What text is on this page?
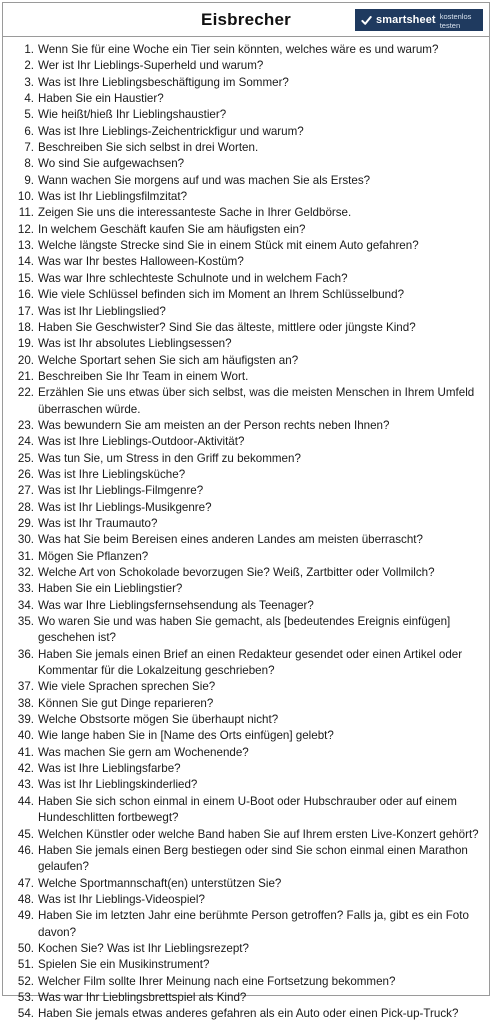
Eisbrecher	smartsheet kostenlos testen
1. Wenn Sie für eine Woche ein Tier sein könnten, welches wäre es und warum?
2. Wer ist Ihr Lieblings-Superheld und warum?
3. Was ist Ihre Lieblingsbeschäftigung im Sommer?
4. Haben Sie ein Haustier?
5. Wie heißt/hieß Ihr Lieblingshaustier?
6. Was ist Ihre Lieblings-Zeichentrickfigur und warum?
7. Beschreiben Sie sich selbst in drei Worten.
8. Wo sind Sie aufgewachsen?
9. Wann wachen Sie morgens auf und was machen Sie als Erstes?
10. Was ist Ihr Lieblingsfilmzitat?
11. Zeigen Sie uns die interessanteste Sache in Ihrer Geldbörse.
12. In welchem Geschäft kaufen Sie am häufigsten ein?
13. Welche längste Strecke sind Sie in einem Stück mit einem Auto gefahren?
14. Was war Ihr bestes Halloween-Kostüm?
15. Was war Ihre schlechteste Schulnote und in welchem Fach?
16. Wie viele Schlüssel befinden sich im Moment an Ihrem Schlüsselbund?
17. Was ist Ihr Lieblingslied?
18. Haben Sie Geschwister? Sind Sie das älteste, mittlere oder jüngste Kind?
19. Was ist Ihr absolutes Lieblingsessen?
20. Welche Sportart sehen Sie sich am häufigsten an?
21. Beschreiben Sie Ihr Team in einem Wort.
22. Erzählen Sie uns etwas über sich selbst, was die meisten Menschen in Ihrem Umfeld überraschen würde.
23. Was bewundern Sie am meisten an der Person rechts neben Ihnen?
24. Was ist Ihre Lieblings-Outdoor-Aktivität?
25. Was tun Sie, um Stress in den Griff zu bekommen?
26. Was ist Ihre Lieblingsküche?
27. Was ist Ihr Lieblings-Filmgenre?
28. Was ist Ihr Lieblings-Musikgenre?
29. Was ist Ihr Traumauto?
30. Was hat Sie beim Bereisen eines anderen Landes am meisten überrascht?
31. Mögen Sie Pflanzen?
32. Welche Art von Schokolade bevorzugen Sie? Weiß, Zartbitter oder Vollmilch?
33. Haben Sie ein Lieblingstier?
34. Was war Ihre Lieblingsfernsehsendung als Teenager?
35. Wo waren Sie und was haben Sie gemacht, als [bedeutendes Ereignis einfügen] geschehen ist?
36. Haben Sie jemals einen Brief an einen Redakteur gesendet oder einen Artikel oder Kommentar für die Lokalzeitung geschrieben?
37. Wie viele Sprachen sprechen Sie?
38. Können Sie gut Dinge reparieren?
39. Welche Obstsorte mögen Sie überhaupt nicht?
40. Wie lange haben Sie in [Name des Orts einfügen] gelebt?
41. Was machen Sie gern am Wochenende?
42. Was ist Ihre Lieblingsfarbe?
43. Was ist Ihr Lieblingskinderlied?
44. Haben Sie sich schon einmal in einem U-Boot oder Hubschrauber oder auf einem Hundeschlitten fortbewegt?
45. Welchen Künstler oder welche Band haben Sie auf Ihrem ersten Live-Konzert gehört?
46. Haben Sie jemals einen Berg bestiegen oder sind Sie schon einmal einen Marathon gelaufen?
47. Welche Sportmannschaft(en) unterstützen Sie?
48. Was ist Ihr Lieblings-Videospiel?
49. Haben Sie im letzten Jahr eine berühmte Person getroffen? Falls ja, gibt es ein Foto davon?
50. Kochen Sie? Was ist Ihr Lieblingsrezept?
51. Spielen Sie ein Musikinstrument?
52. Welcher Film sollte Ihrer Meinung nach eine Fortsetzung bekommen?
53. Was war Ihr Lieblingsbrettspiel als Kind?
54. Haben Sie jemals etwas anderes gefahren als ein Auto oder einen Pick-up-Truck?
